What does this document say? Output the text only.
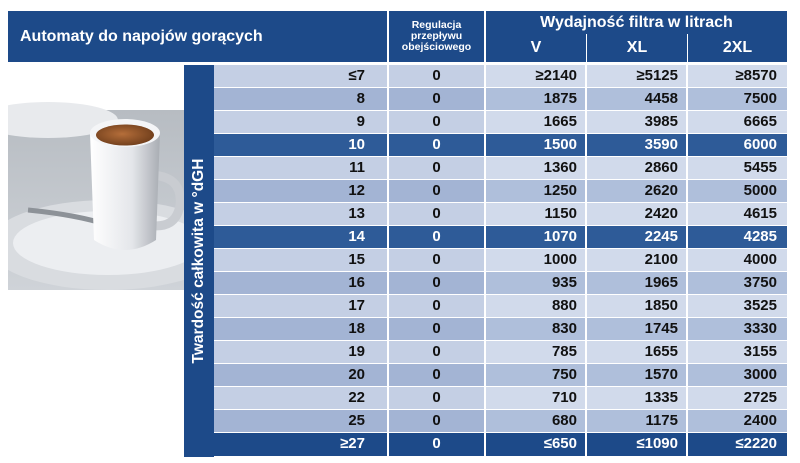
Automaty do napojów gorących
Regulacja
przepływu
obejściowego
Wydajność filtra w litrach
V	XL	2XL
Twardość całkowita w °dGH
≤7	0	≥2140	≥5125	≥8570
8	0	1875	4458	7500
9	0	1665	3985	6665
10	0	1500	3590	6000
11	0	1360	2860	5455
12	0	1250	2620	5000
13	0	1150	2420	4615
14	0	1070	2245	4285
15	0	1000	2100	4000
16	0	935	1965	3750
17	0	880	1850	3525
18	0	830	1745	3330
19	0	785	1655	3155
20	0	750	1570	3000
22	0	710	1335	2725
25	0	680	1175	2400
≥27	0	≤650	≤1090	≤2220
